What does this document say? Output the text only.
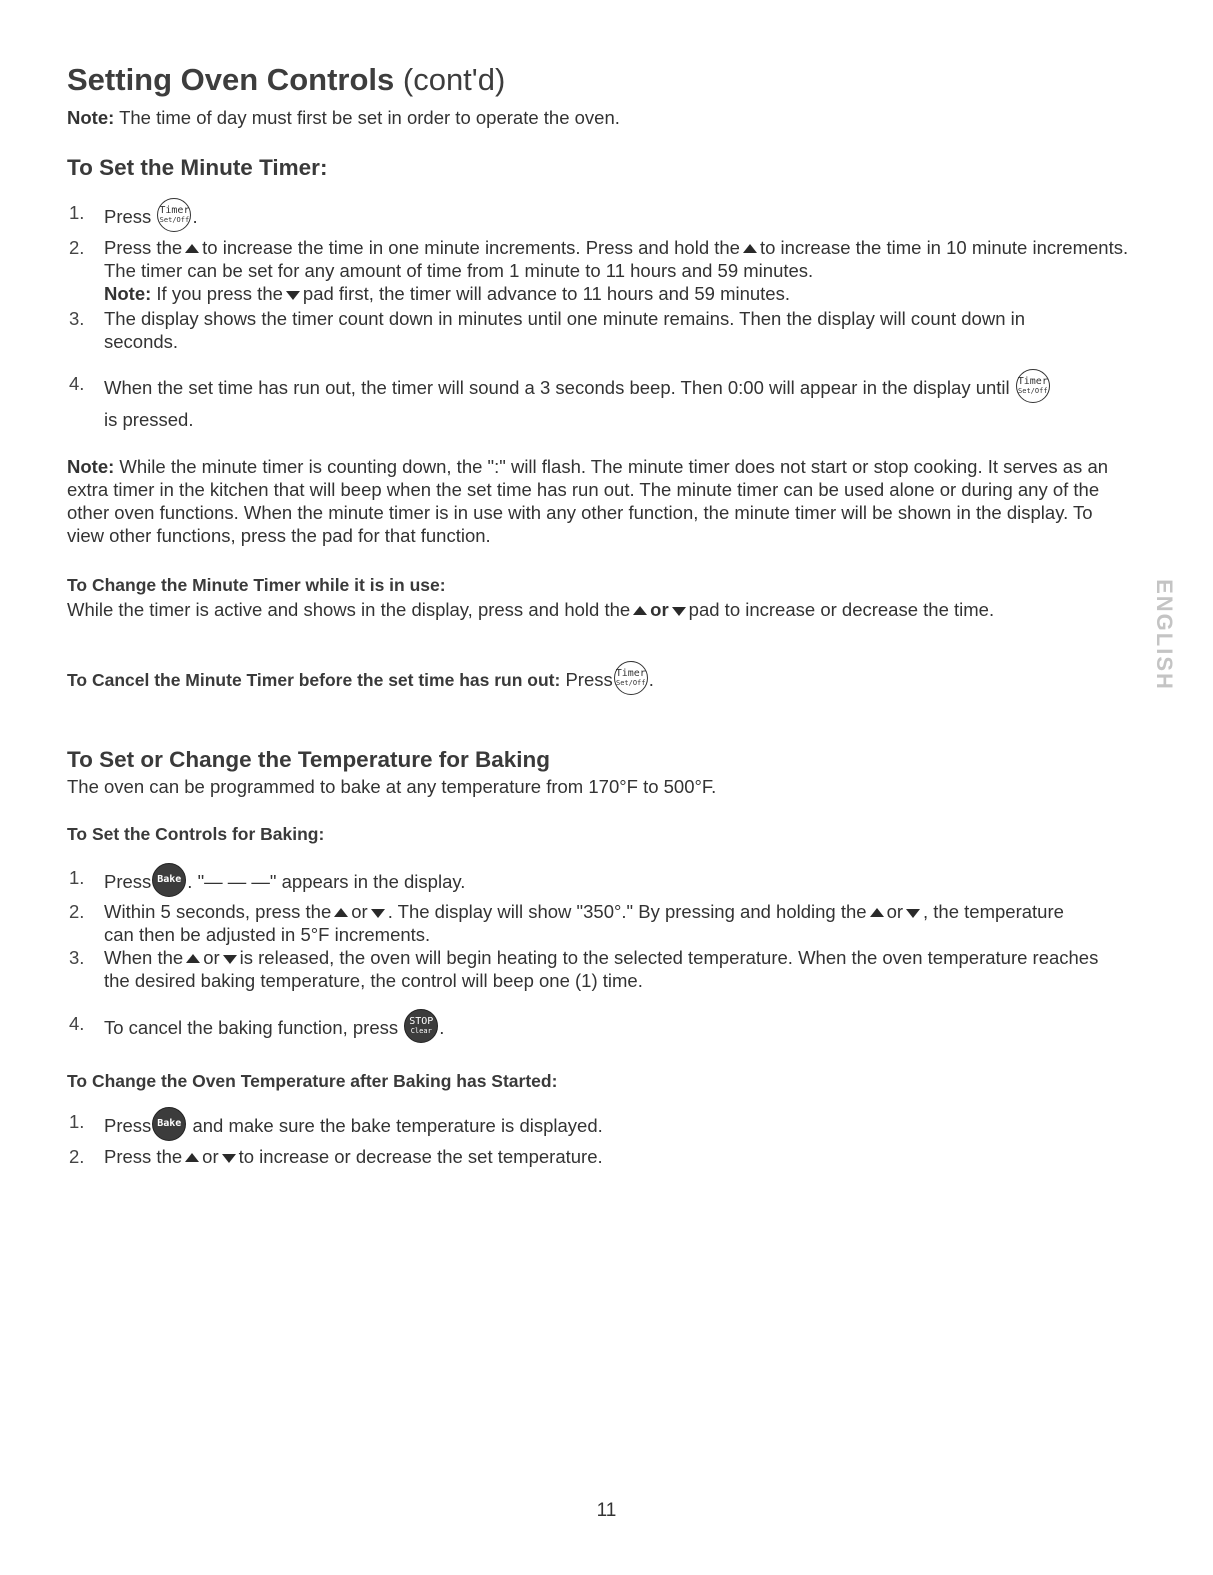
Setting Oven Controls (cont'd)
Note: The time of day must first be set in order to operate the oven.
To Set the Minute Timer:
1. Press Timer
Set/Off .
2. Press the to increase the time in one minute increments. Press and hold the to increase the time in 10 minute increments. The timer can be set for any amount of time from 1 minute to 11 hours and 59 minutes.
Note: If you press the pad first, the timer will advance to 11 hours and 59 minutes.
3. The display shows the timer count down in minutes until one minute remains. Then the display will count down in seconds.
4. When the set time has run out, the timer will sound a 3 seconds beep. Then 0:00 will appear in the display until Timer
Set/Off
is pressed.
Note: While the minute timer is counting down, the ":" will flash. The minute timer does not start or stop cooking. It serves as an extra timer in the kitchen that will beep when the set time has run out. The minute timer can be used alone or during any of the other oven functions. When the minute timer is in use with any other function, the minute timer will be shown in the display. To view other functions, press the pad for that function.
To Change the Minute Timer while it is in use:
While the timer is active and shows in the display, press and hold the or pad to increase or decrease the time.
To Cancel the Minute Timer before the set time has run out: Press Timer
Set/Off .
To Set or Change the Temperature for Baking
The oven can be programmed to bake at any temperature from 170°F to 500°F.
To Set the Controls for Baking:
1. Press Bake . "— — —" appears in the display.
2. Within 5 seconds, press the or . The display will show "350°." By pressing and holding the or , the temperature can then be adjusted in 5°F increments.
3. When the or is released, the oven will begin heating to the selected temperature. When the oven temperature reaches the desired baking temperature, the control will beep one (1) time.
4. To cancel the baking function, press STOP
Clear .
To Change the Oven Temperature after Baking has Started:
1. Press Bake and make sure the bake temperature is displayed.
2. Press the or to increase or decrease the set temperature.
ENGLISH
11
